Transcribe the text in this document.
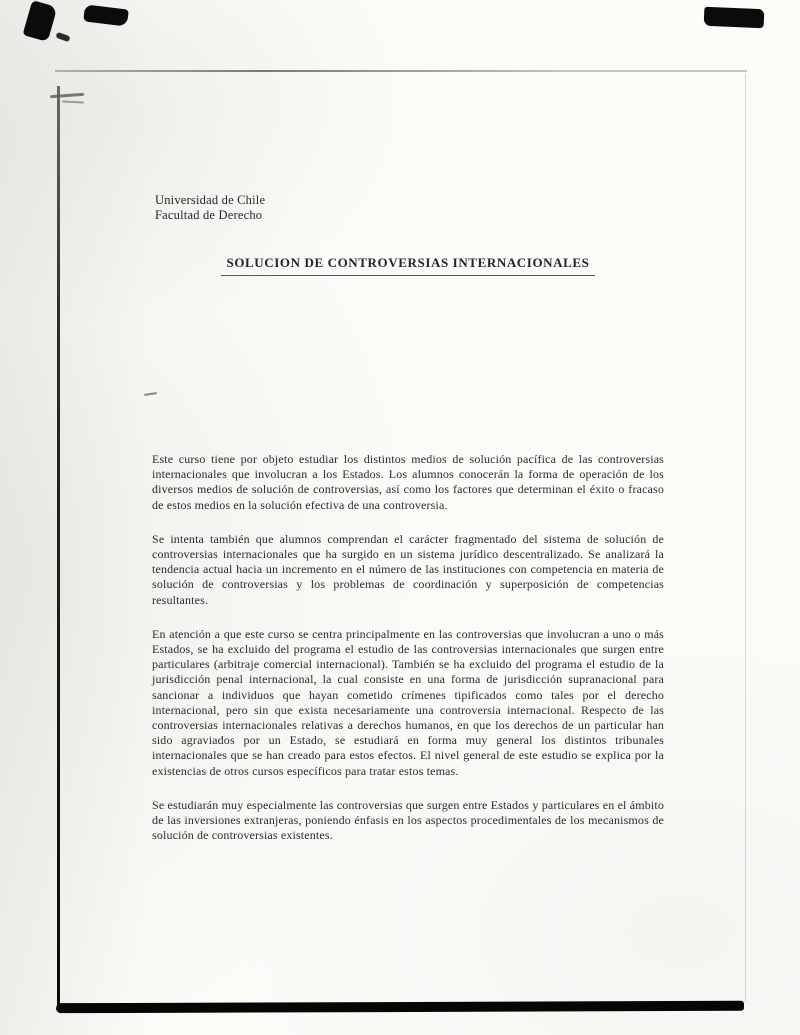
Universidad de Chile
Facultad de Derecho
SOLUCION DE CONTROVERSIAS INTERNACIONALES

Este curso tiene por objeto estudiar los distintos medios de solución pacífica de las controversias internacionales que involucran a los Estados. Los alumnos conocerán la forma de operación de los diversos medios de solución de controversias, así como los factores que determinan el éxito o fracaso de estos medios en la solución efectiva de una controversia.

Se intenta también que alumnos comprendan el carácter fragmentado del sistema de solución de controversias internacionales que ha surgido en un sistema jurídico descentralizado. Se analizará la tendencia actual hacia un incremento en el número de las instituciones con competencia en materia de solución de controversias y los problemas de coordinación y superposición de competencias resultantes.

En atención a que este curso se centra principalmente en las controversias que involucran a uno o más Estados, se ha excluido del programa el estudio de las controversias internacionales que surgen entre particulares (arbitraje comercial internacional). También se ha excluido del programa el estudio de la jurisdicción penal internacional, la cual consiste en una forma de jurisdicción supranacional para sancionar a individuos que hayan cometido crímenes tipificados como tales por el derecho internacional, pero sin que exista necesariamente una controversia internacional. Respecto de las controversias internacionales relativas a derechos humanos, en que los derechos de un particular han sido agraviados por un Estado, se estudiará en forma muy general los distintos tribunales internacionales que se han creado para estos efectos. El nivel general de este estudio se explica por la existencias de otros cursos específicos para tratar estos temas.

Se estudiarán muy especialmente las controversias que surgen entre Estados y particulares en el ámbito de las inversiones extranjeras, poniendo énfasis en los aspectos procedimentales de los mecanismos de solución de controversias existentes.
